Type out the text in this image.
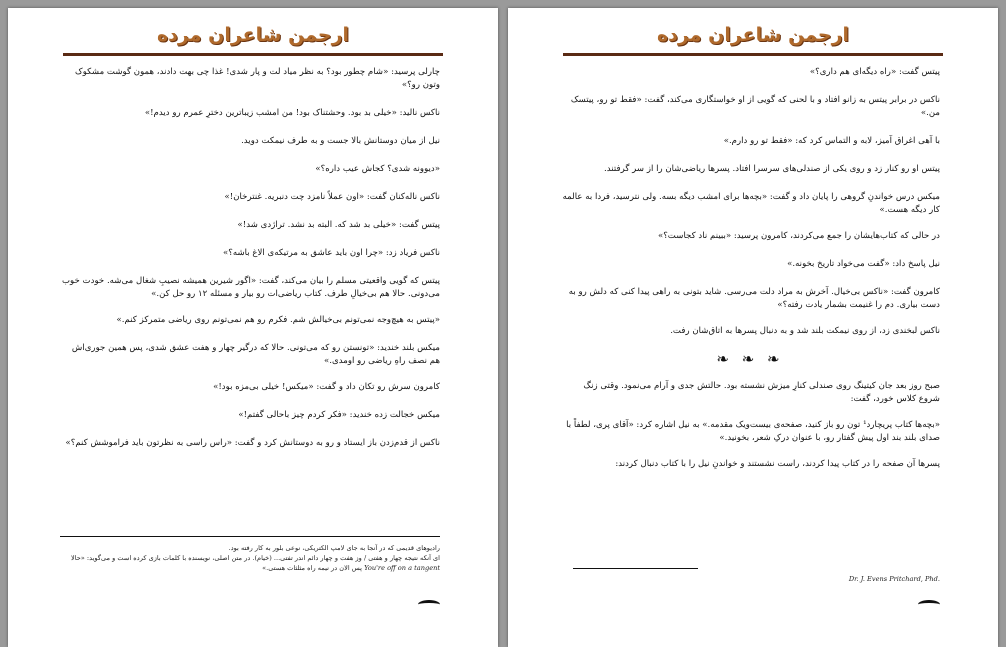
ارجمن شاعران مرده

چارلی پرسید: «شام چطور بود؟ به نظر میاد لت و پار شدی! غذا چی بهت دادند، همون گوشت مشکوک وتون رو؟»

ناکس نالید: «خیلی بد بود. وحشتناک بود! من امشب زیباترین دخترِ عمرم رو دیدم!»

نیل از میان دوستانش بالا جست و به طرف نیمکت دوید.

«دیوونه شدی؟ کجاش عیب داره؟»

ناکس ناله‌کنان گفت: «اون عملاً نامزد چت دنبریه. غنترخان!»

پیتس گفت: «خیلی بد شد که. البته بد نشد. تراژدی شد!»

ناکس فریاد زد: «چرا اون باید عاشق به مرتیکه‌ی الاغ باشه؟»

پیتس که گویی واقعیتی مسلم را بیان می‌کند، گفت: «اگور شیرین همیشه نصیبِ شغال می‌شه. خودت خوب می‌دونی. حالا هم بی‌خیالِ طرف. کتاب ریاضی‌ات رو بیار و مسئله ۱۲ رو حل کن.»

«پیتس به هیچ‌وجه نمی‌تونم بی‌خیالش شم. فکرم رو هم نمی‌تونم روی ریاضی متمرکز کنم.»

میکس بلند خندید: «تونستن رو که می‌تونی. حالا که درگیر چهار و هفت عشق شدی، پس همین جوری‌اش هم نصف راهِ ریاضی رو اومدی.»

کامرون سرش رو تکان داد و گفت: «میکس! خیلی بی‌مزه بود!»

میکس خجالت زده خندید: «فکر کردم چیز باحالی گفتم!»

ناکس از قدم‌زدن باز ایستاد و رو به دوستانش کرد و گفت: «راس راسی به نظرتون باید فراموشش کنم؟»

رادیوهای قدیمی که در آنجا به جای لامپ الکتریکی، نوعی بلور به کار رفته بود.
ای آنکه نتیجه چهار و هفتی / وز هفت و چهار دائم اندر تفتی... (خیام). در متن اصلی، نویسنده با کلمات بازی کرده است و می‌گوید: «حالا
You're off on a tangent پس الان در نیمه راه مثلثات هستی.»
ارجمن شاعران مرده

پیتس گفت: «راه دیگه‌ای هم داری؟»

ناکس در برابر پیتس به زانو افتاد و با لحنی که گویی از او خواستگاری می‌کند، گفت: «فقط تو رو، پیتسک من.»

با آهی اغراق آمیز، لابه و التماس کرد که: «فقط تو رو دارم.»

پیتس او رو کنار زد و روی یکی از صندلی‌های سرسرا افتاد. پسرها ریاضی‌شان را از سر گرفتند.

میکس درس خواندنِ گروهی را پایان داد و گفت: «بچه‌ها برای امشب دیگه بسه. ولی نترسید، فردا به عالمه کار دیگه هست.»

در حالی که کتاب‌هایشان را جمع می‌کردند، کامرون پرسید: «ببینم ناد کجاست؟»

نیل پاسخ داد: «گفت می‌خواد تاریخ بخونه.»

کامرون گفت: «ناکس بی‌خیال. آخرش به مراد دلت می‌رسی. شاید بتونی به راهی پیدا کنی که دلش رو به دست بیاری. دم را غنیمت بشمار یادت رفته؟»

ناکس لبخندی زد، از روی نیمکت بلند شد و به دنبال پسرها به اتاق‌شان رفت.

❧ ❧ ❧

صبح روز بعد جان کیتینگ روی صندلی کنارِ میزش نشسته بود. حالتش جدی و آرام می‌نمود. وقتی زنگ شروع کلاس خورد، گفت:

«بچه‌ها کتاب پریچارد¹ تون رو باز کنید، صفحه‌ی بیست‌ویک مقدمه.» به نیل اشاره کرد: «آقای پری، لطفاً با صدای بلند بند اول پیش گفتار رو، با عنوان درکِ شعر، بخونید.»

پسرها آن صفحه را در کتاب پیدا کردند، راست نشستند و خواندنِ نیل را با کتاب دنبال کردند:

Dr. J. Evens Pritchard, Phd.
